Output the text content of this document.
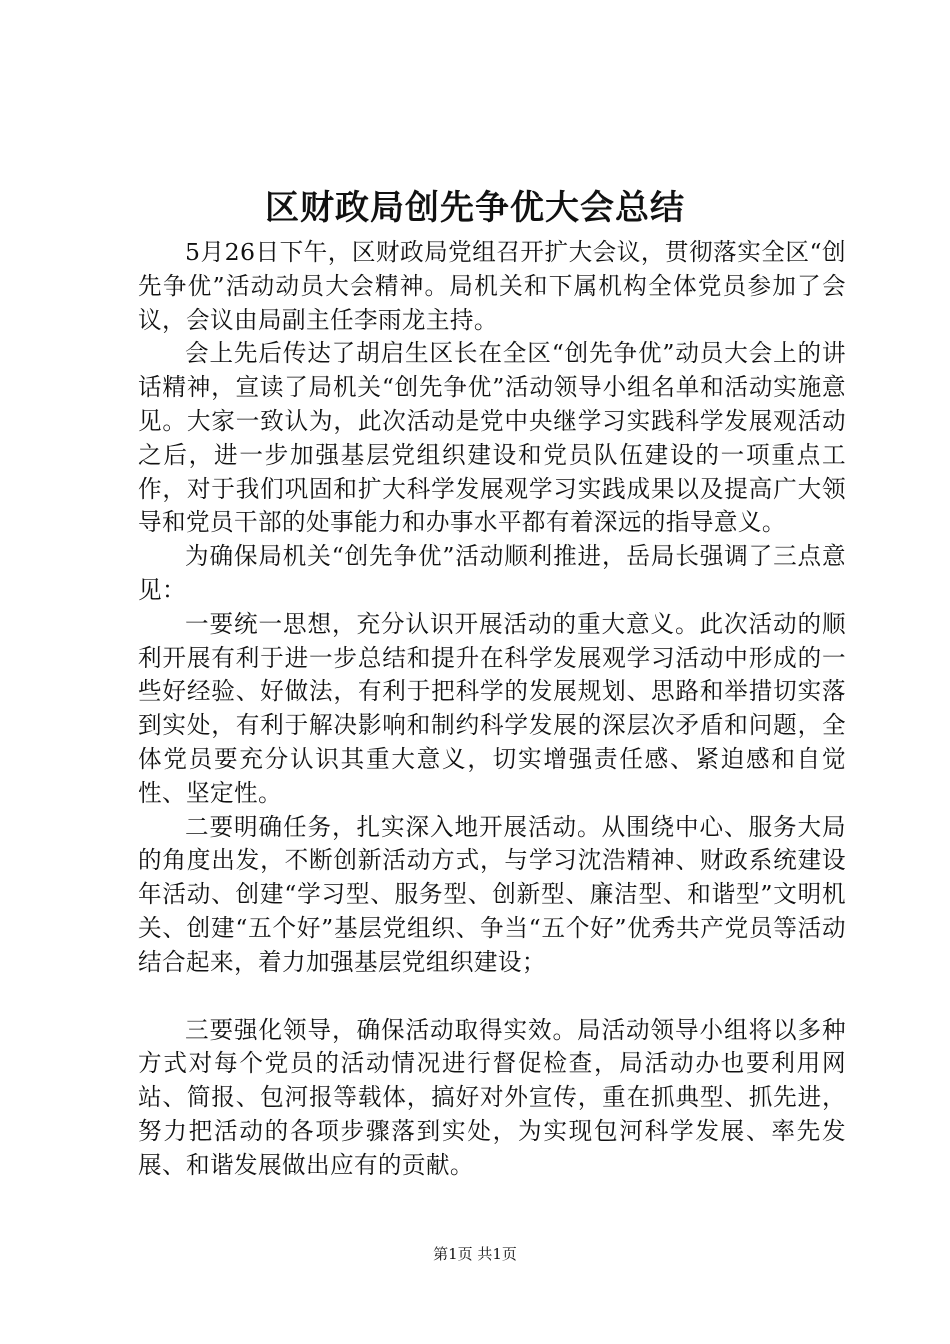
区财政局创先争优大会总结

5月26日下午，区财政局党组召开扩大会议，贯彻落实全区“创先争优”活动动员大会精神。局机关和下属机构全体党员参加了会议，会议由局副主任李雨龙主持。

会上先后传达了胡启生区长在全区“创先争优”动员大会上的讲话精神，宣读了局机关“创先争优”活动领导小组名单和活动实施意见。大家一致认为，此次活动是党中央继学习实践科学发展观活动之后，进一步加强基层党组织建设和党员队伍建设的一项重点工作，对于我们巩固和扩大科学发展观学习实践成果以及提高广大领导和党员干部的处事能力和办事水平都有着深远的指导意义。

为确保局机关“创先争优”活动顺利推进，岳局长强调了三点意见：

一要统一思想，充分认识开展活动的重大意义。此次活动的顺利开展有利于进一步总结和提升在科学发展观学习活动中形成的一些好经验、好做法，有利于把科学的发展规划、思路和举措切实落到实处，有利于解决影响和制约科学发展的深层次矛盾和问题，全体党员要充分认识其重大意义，切实增强责任感、紧迫感和自觉性、坚定性。

二要明确任务，扎实深入地开展活动。从围绕中心、服务大局的角度出发，不断创新活动方式，与学习沈浩精神、财政系统建设年活动、创建“学习型、服务型、创新型、廉洁型、和谐型”文明机关、创建“五个好”基层党组织、争当“五个好”优秀共产党员等活动结合起来，着力加强基层党组织建设；

三要强化领导，确保活动取得实效。局活动领导小组将以多种方式对每个党员的活动情况进行督促检查，局活动办也要利用网站、简报、包河报等载体，搞好对外宣传，重在抓典型、抓先进，努力把活动的各项步骤落到实处，为实现包河科学发展、率先发展、和谐发展做出应有的贡献。

第1页 共1页
